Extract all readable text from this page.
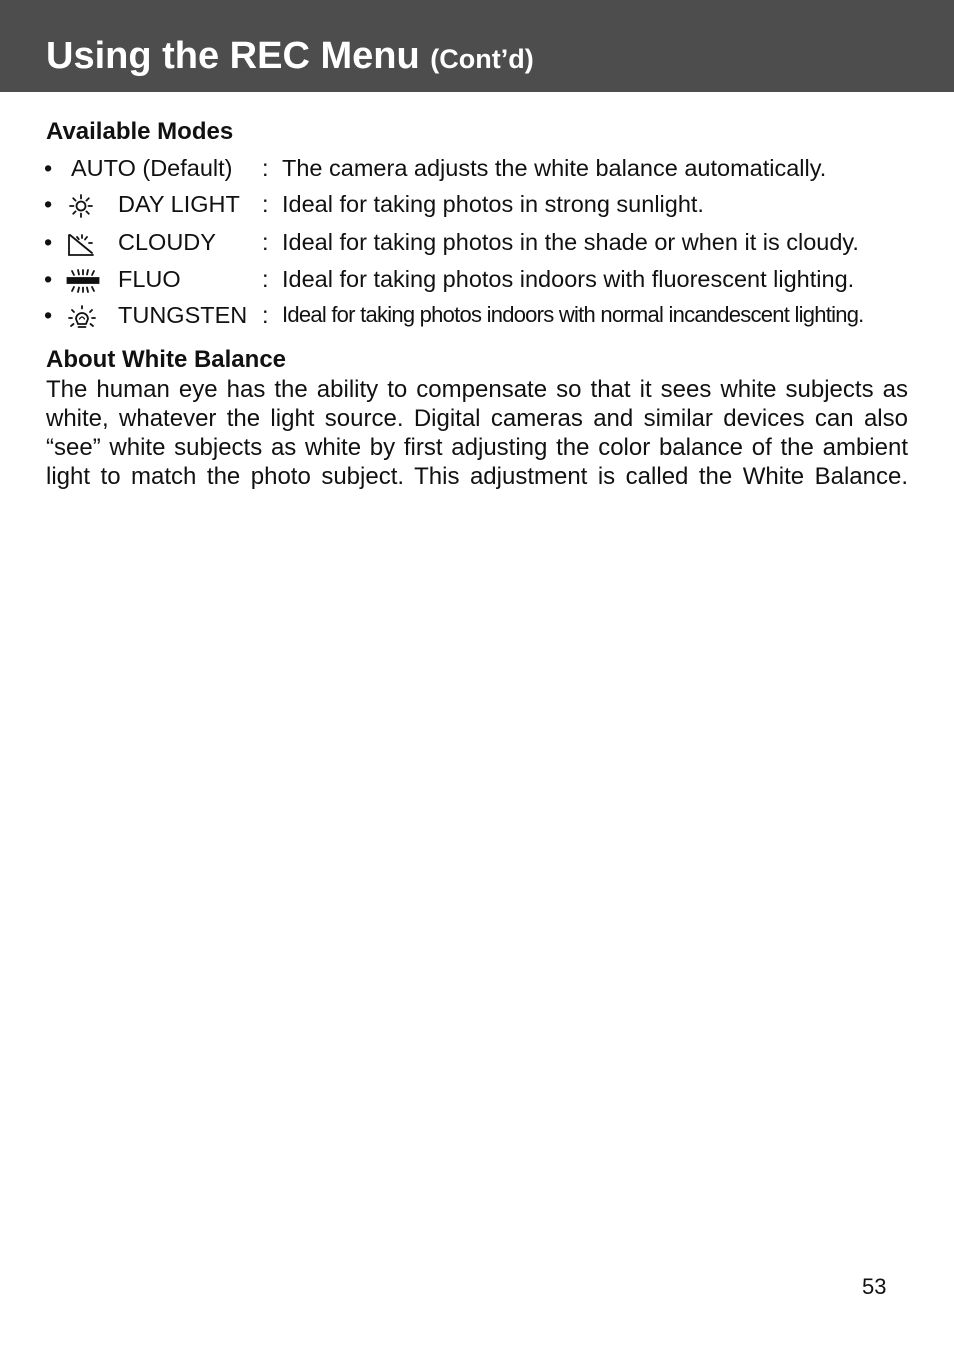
Using the REC Menu (Cont’d)
Available Modes
• AUTO (Default) : The camera adjusts the white balance automatically.
•	DAY LIGHT : Ideal for taking photos in strong sunlight.
•	CLOUDY : Ideal for taking photos in the shade or when it is cloudy.
•	FLUO	: Ideal for taking photos indoors with fluorescent lighting.
•	TUNGSTEN : Ideal for taking photos indoors with normal incandescent lighting.
About White Balance

The human eye has the ability to compensate so that it sees white subjects as
white, whatever the light source. Digital cameras and similar devices can also
“see” white subjects as white by first adjusting the color balance of the ambient
light to match the photo subject. This adjustment is called the White Balance.

53
